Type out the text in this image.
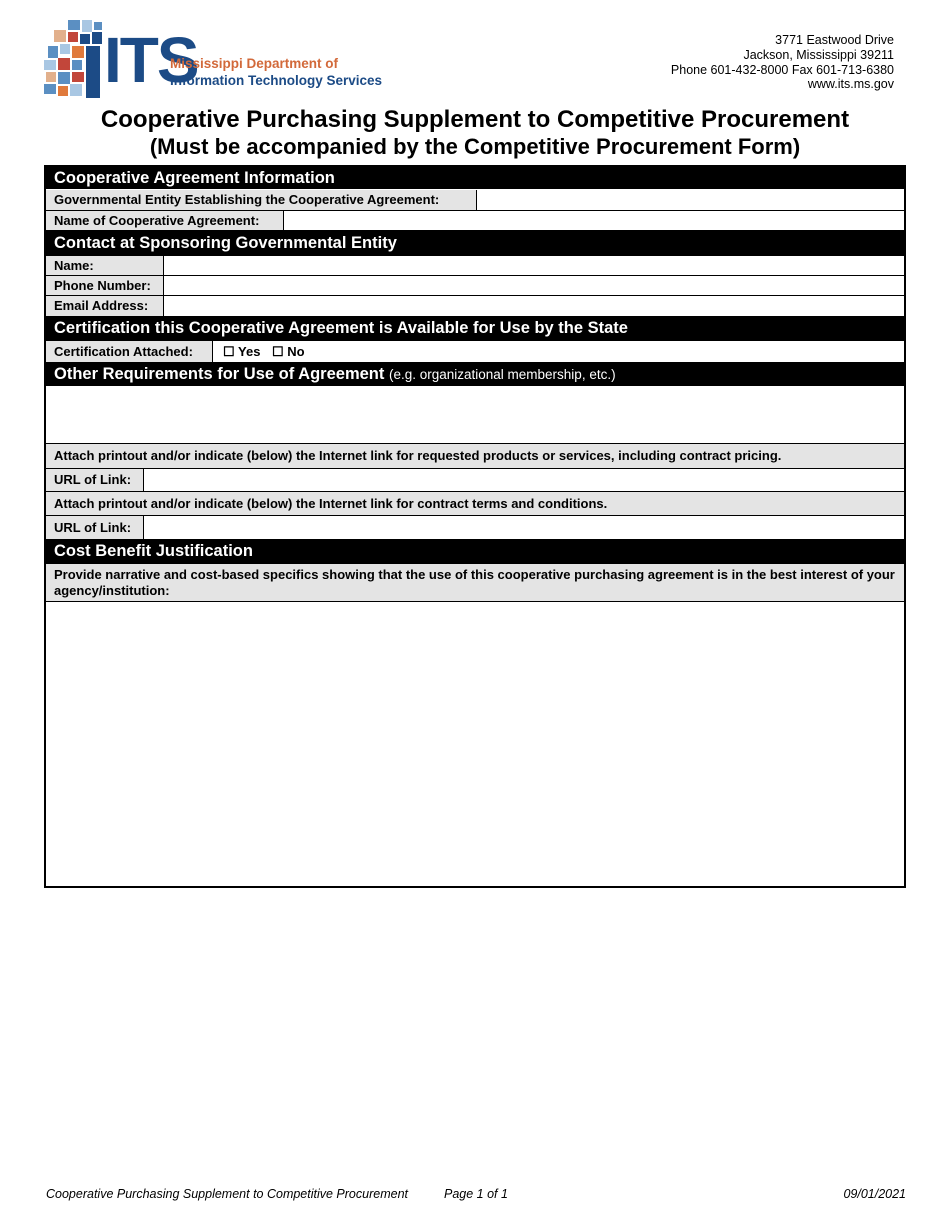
ITS
Mississippi Department of
Information Technology Services
3771 Eastwood Drive
Jackson, Mississippi 39211
Phone 601-432-8000 Fax 601-713-6380
www.its.ms.gov
Cooperative Purchasing Supplement to Competitive Procurement
(Must be accompanied by the Competitive Procurement Form)
Cooperative Agreement Information
Governmental Entity Establishing the Cooperative Agreement:
Name of Cooperative Agreement:
Contact at Sponsoring Governmental Entity
Name:
Phone Number:
Email Address:
Certification this Cooperative Agreement is Available for Use by the State
Certification Attached:	☐ Yes ☐ No
Other Requirements for Use of Agreement (e.g. organizational membership, etc.)
Attach printout and/or indicate (below) the Internet link for requested products or services, including contract pricing.
URL of Link:
Attach printout and/or indicate (below) the Internet link for contract terms and conditions.
URL of Link:
Cost Benefit Justification
Provide narrative and cost-based specifics showing that the use of this cooperative purchasing agreement is in the best interest of your agency/institution:
Cooperative Purchasing Supplement to Competitive Procurement	Page 1 of 1	09/01/2021
